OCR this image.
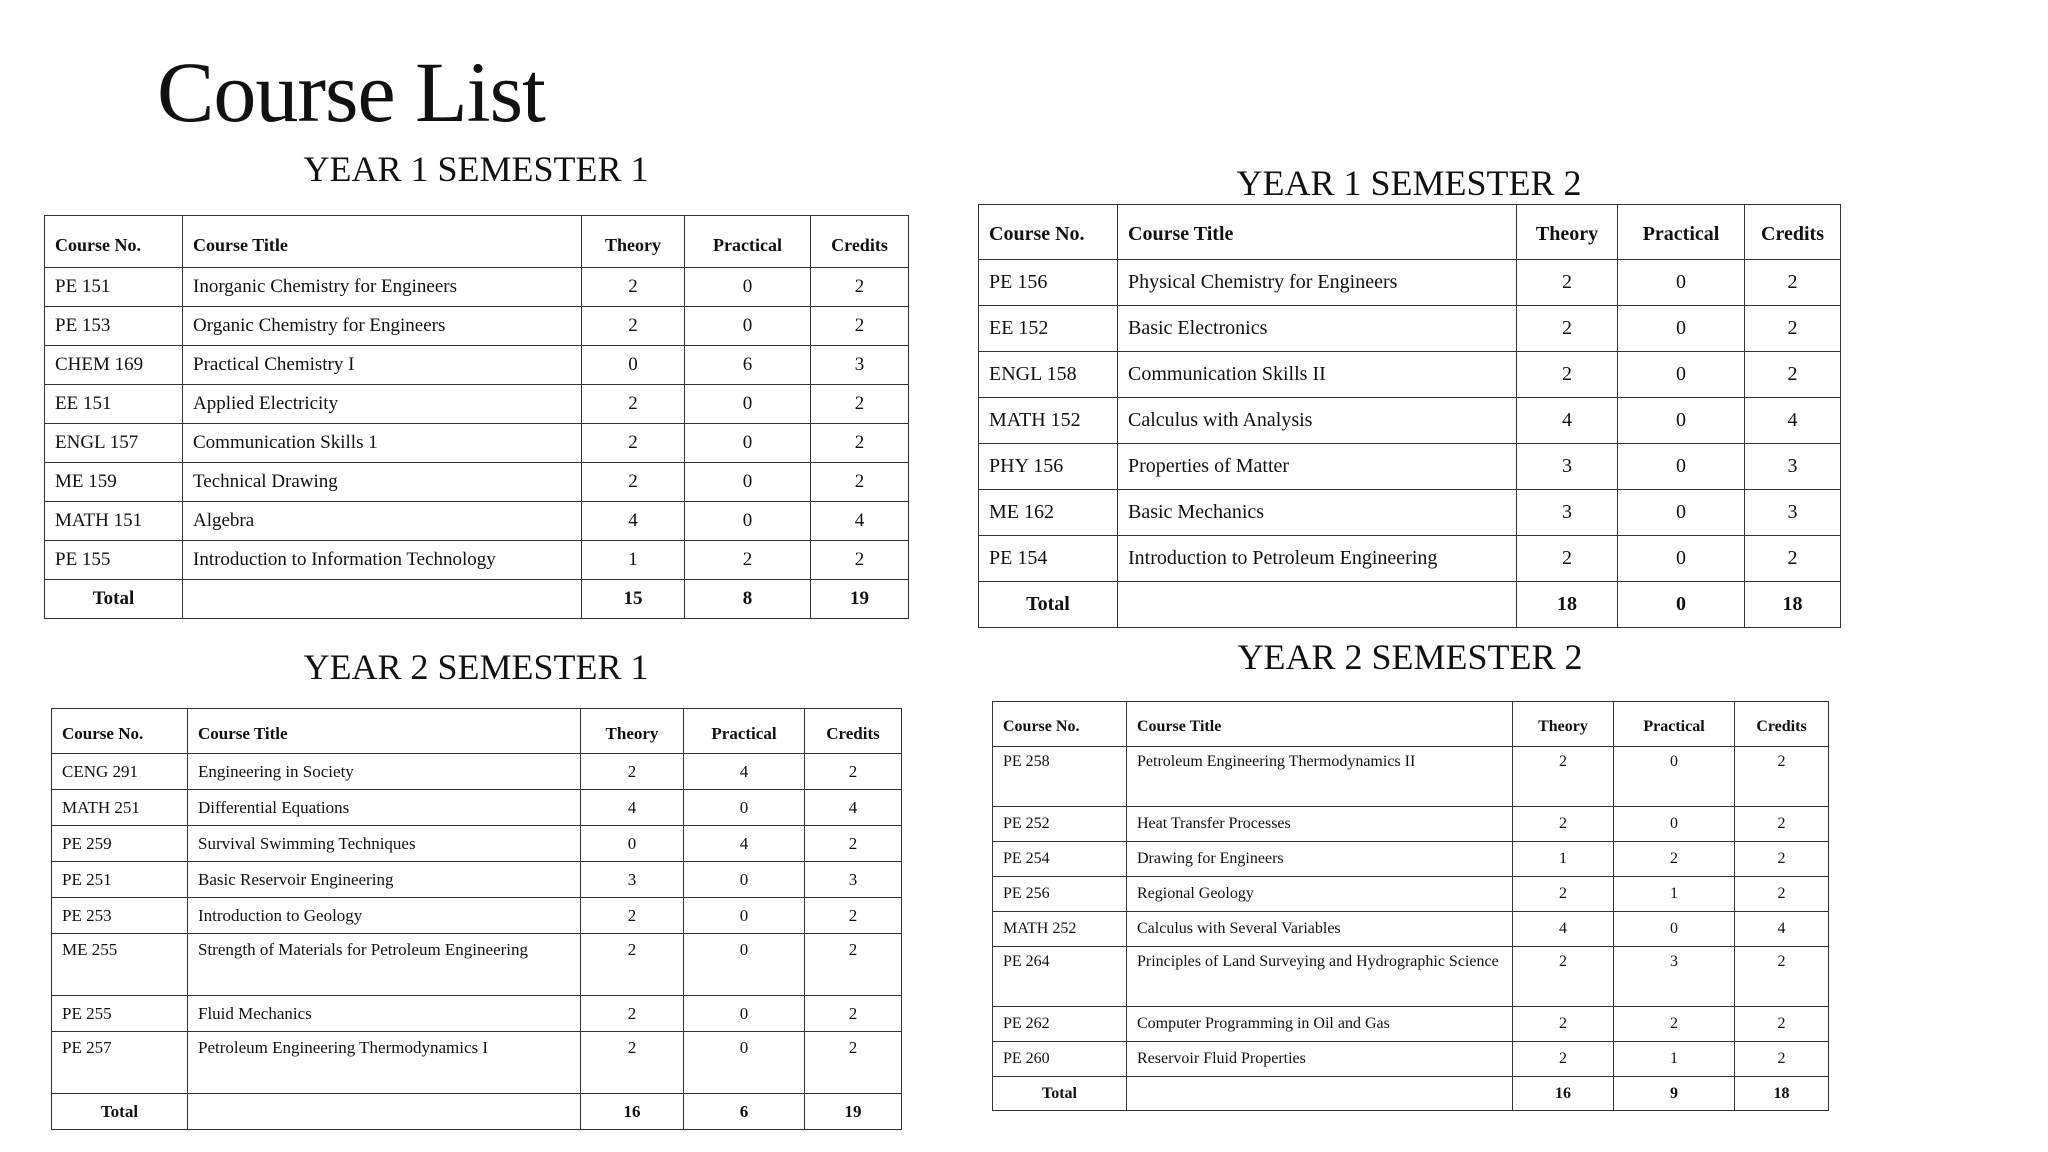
Course List
YEAR 1 SEMESTER 1
Course No.	Course Title	Theory	Practical	Credits
PE 151	Inorganic Chemistry for Engineers	2	0	2
PE 153	Organic Chemistry for Engineers	2	0	2
CHEM 169	Practical Chemistry I	0	6	3
EE 151	Applied Electricity	2	0	2
ENGL 157	Communication Skills 1	2	0	2
ME 159	Technical Drawing	2	0	2
MATH 151	Algebra	4	0	4
PE 155	Introduction to Information Technology	1	2	2
Total		15	8	19
YEAR 1 SEMESTER 2
Course No.	Course Title	Theory	Practical	Credits
PE 156	Physical Chemistry for Engineers	2	0	2
EE 152	Basic Electronics	2	0	2
ENGL 158	Communication Skills II	2	0	2
MATH 152	Calculus with Analysis	4	0	4
PHY 156	Properties of Matter	3	0	3
ME 162	Basic Mechanics	3	0	3
PE 154	Introduction to Petroleum Engineering	2	0	2
Total		18	0	18
YEAR 2 SEMESTER 1
Course No.	Course Title	Theory	Practical	Credits
CENG 291	Engineering in Society	2	4	2
MATH 251	Differential Equations	4	0	4
PE 259	Survival Swimming Techniques	0	4	2
PE 251	Basic Reservoir Engineering	3	0	3
PE 253	Introduction to Geology	2	0	2
ME 255	Strength of Materials for Petroleum Engineering	2	0	2
PE 255	Fluid Mechanics	2	0	2
PE 257	Petroleum Engineering Thermodynamics I	2	0	2
Total		16	6	19
YEAR 2 SEMESTER 2
Course No.	Course Title	Theory	Practical	Credits
PE 258	Petroleum Engineering Thermodynamics II	2	0	2
PE 252	Heat Transfer Processes	2	0	2
PE 254	Drawing for Engineers	1	2	2
PE 256	Regional Geology	2	1	2
MATH 252	Calculus with Several Variables	4	0	4
PE 264	Principles of Land Surveying and Hydrographic Science	2	3	2
PE 262	Computer Programming in Oil and Gas	2	2	2
PE 260	Reservoir Fluid Properties	2	1	2
Total		16	9	18
